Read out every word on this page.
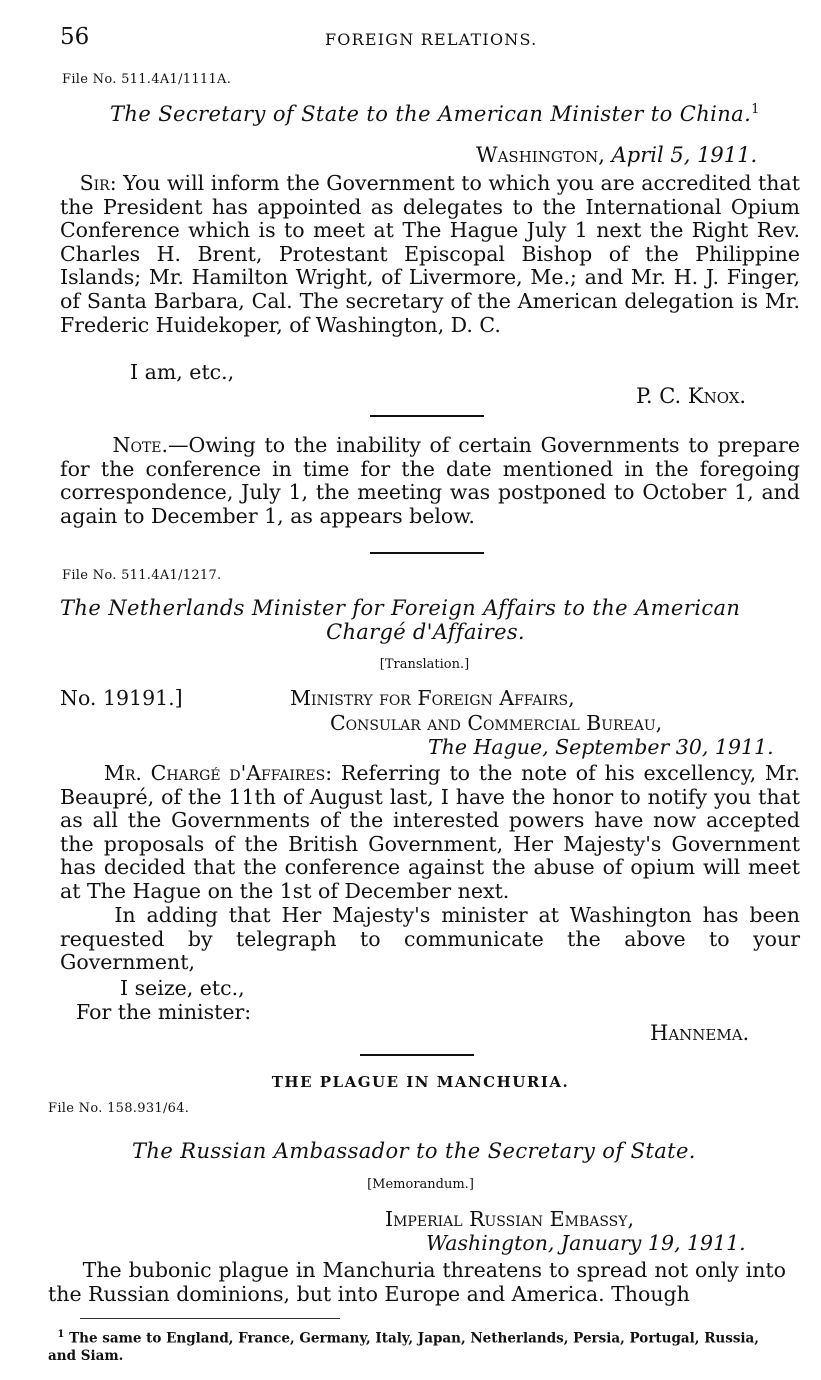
56	FOREIGN RELATIONS.
File No. 511.4A1/1111A.
The Secretary of State to the American Minister to China.$^1$
Washington, April 5, 1911.
Sir: You will inform the Government to which you are accredited that the President has appointed as delegates to the International Opium Conference which is to meet at The Hague July 1 next the Right Rev. Charles H. Brent, Protestant Episcopal Bishop of the Philippine Islands; Mr. Hamilton Wright, of Livermore, Me.; and Mr. H. J. Finger, of Santa Barbara, Cal. The secretary of the American delegation is Mr. Frederic Huidekoper, of Washington, D. C.
I am, etc.,
P. C. Knox.
Note.—Owing to the inability of certain Governments to prepare for the conference in time for the date mentioned in the foregoing correspondence, July 1, the meeting was postponed to October 1, and again to December 1, as appears below.
File No. 511.4A1/1217.
The Netherlands Minister for Foreign Affairs to the American
Chargé d'Affaires.
[Translation.]
No. 19191.]	Ministry for Foreign Affairs,
Consular and Commercial Bureau,
The Hague, September 30, 1911.
Mr. Chargé d'Affaires: Referring to the note of his excellency, Mr. Beaupré, of the 11th of August last, I have the honor to notify you that as all the Governments of the interested powers have now accepted the proposals of the British Government, Her Majesty's Government has decided that the conference against the abuse of opium will meet at The Hague on the 1st of December next.
In adding that Her Majesty's minister at Washington has been requested by telegraph to communicate the above to your Government,
I seize, etc.,
For the minister:
Hannema.
THE PLAGUE IN MANCHURIA.
File No. 158.931/64.
The Russian Ambassador to the Secretary of State.
[Memorandum.]
Imperial Russian Embassy,
Washington, January 19, 1911.
The bubonic plague in Manchuria threatens to spread not only into the Russian dominions, but into Europe and America. Though
$^1$ The same to England, France, Germany, Italy, Japan, Netherlands, Persia, Portugal, Russia, and Siam.
